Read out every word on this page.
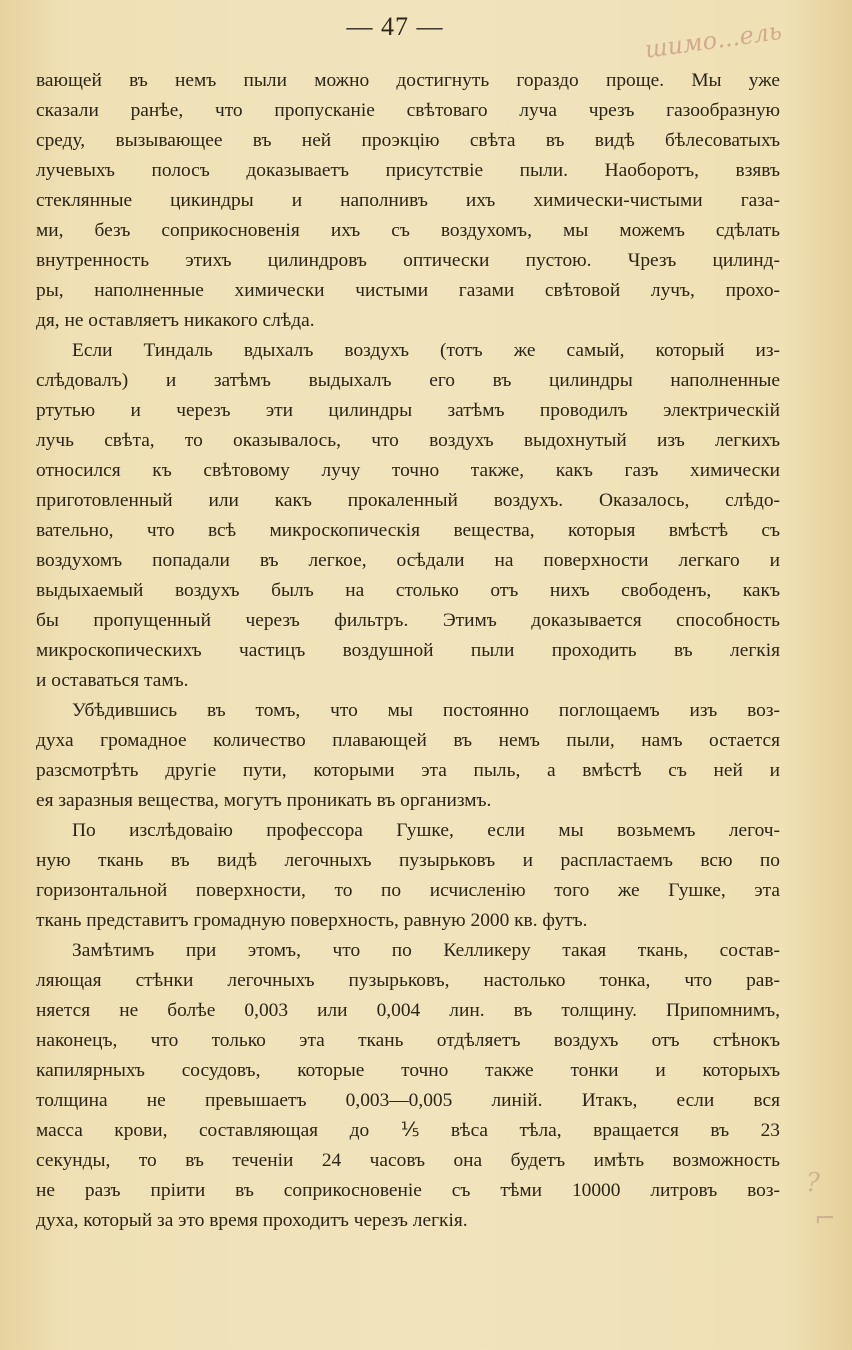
— 47 —	шимо...ель
?
⌐
вающей въ немъ пыли можно достигнуть гораздо проще. Мы уже
сказали ранѣе, что пропусканіе свѣтоваго луча чрезъ газообразную
среду, вызывающее въ ней проэкцію свѣта въ видѣ бѣлесоватыхъ
лучевыхъ полосъ доказываетъ присутствіе пыли. Наоборотъ, взявъ
стеклянные цикиндры и наполнивъ ихъ химически-чистыми газа-
ми, безъ соприкосновенія ихъ съ воздухомъ, мы можемъ сдѣлать
внутренность этихъ цилиндровъ оптически пустою. Чрезъ цилинд-
ры, наполненные химически чистыми газами свѣтовой лучъ, прохо-
дя, не оставляетъ никакого слѣда.
Если Тиндаль вдыхалъ воздухъ (тотъ же самый, который из-
слѣдовалъ) и затѣмъ выдыхалъ его въ цилиндры наполненные
ртутью и черезъ эти цилиндры затѣмъ проводилъ электрическій
лучь свѣта, то оказывалось, что воздухъ выдохнутый изъ легкихъ
относился къ свѣтовому лучу точно также, какъ газъ химически
приготовленный или какъ прокаленный воздухъ. Оказалось, слѣдо-
вательно, что всѣ микроскопическія вещества, которыя вмѣстѣ съ
воздухомъ попадали въ легкое, осѣдали на поверхности легкаго и
выдыхаемый воздухъ былъ на столько отъ нихъ свободенъ, какъ
бы пропущенный черезъ фильтръ. Этимъ доказывается способность
микроскопическихъ частицъ воздушной пыли проходить въ легкія
и оставаться тамъ.
Убѣдившись въ томъ, что мы постоянно поглощаемъ изъ воз-
духа громадное количество плавающей въ немъ пыли, намъ остается
разсмотрѣть другіе пути, которыми эта пыль, а вмѣстѣ съ ней и
ея заразныя вещества, могутъ проникать въ организмъ.
По изслѣдоваію профессора Гушке, если мы возьмемъ легоч-
ную ткань въ видѣ легочныхъ пузырьковъ и распластаемъ всю по
горизонтальной поверхности, то по исчисленію того же Гушке, эта
ткань представитъ громадную поверхность, равную 2000 кв. футъ.
Замѣтимъ при этомъ, что по Келликеру такая ткань, состав-
ляющая стѣнки легочныхъ пузырьковъ, настолько тонка, что рав-
няется не болѣе 0,003 или 0,004 лин. въ толщину. Припомнимъ,
наконецъ, что только эта ткань отдѣляетъ воздухъ отъ стѣнокъ
капилярныхъ сосудовъ, которые точно также тонки и которыхъ
толщина не превышаетъ 0,003—0,005 линій. Итакъ, если вся
масса крови, составляющая до ⅕ вѣса тѣла, вращается въ 23
секунды, то въ теченіи 24 часовъ она будетъ имѣть возможность
не разъ пріити въ соприкосновеніе съ тѣми 10000 литровъ воз-
духа, который за это время проходитъ черезъ легкія.
